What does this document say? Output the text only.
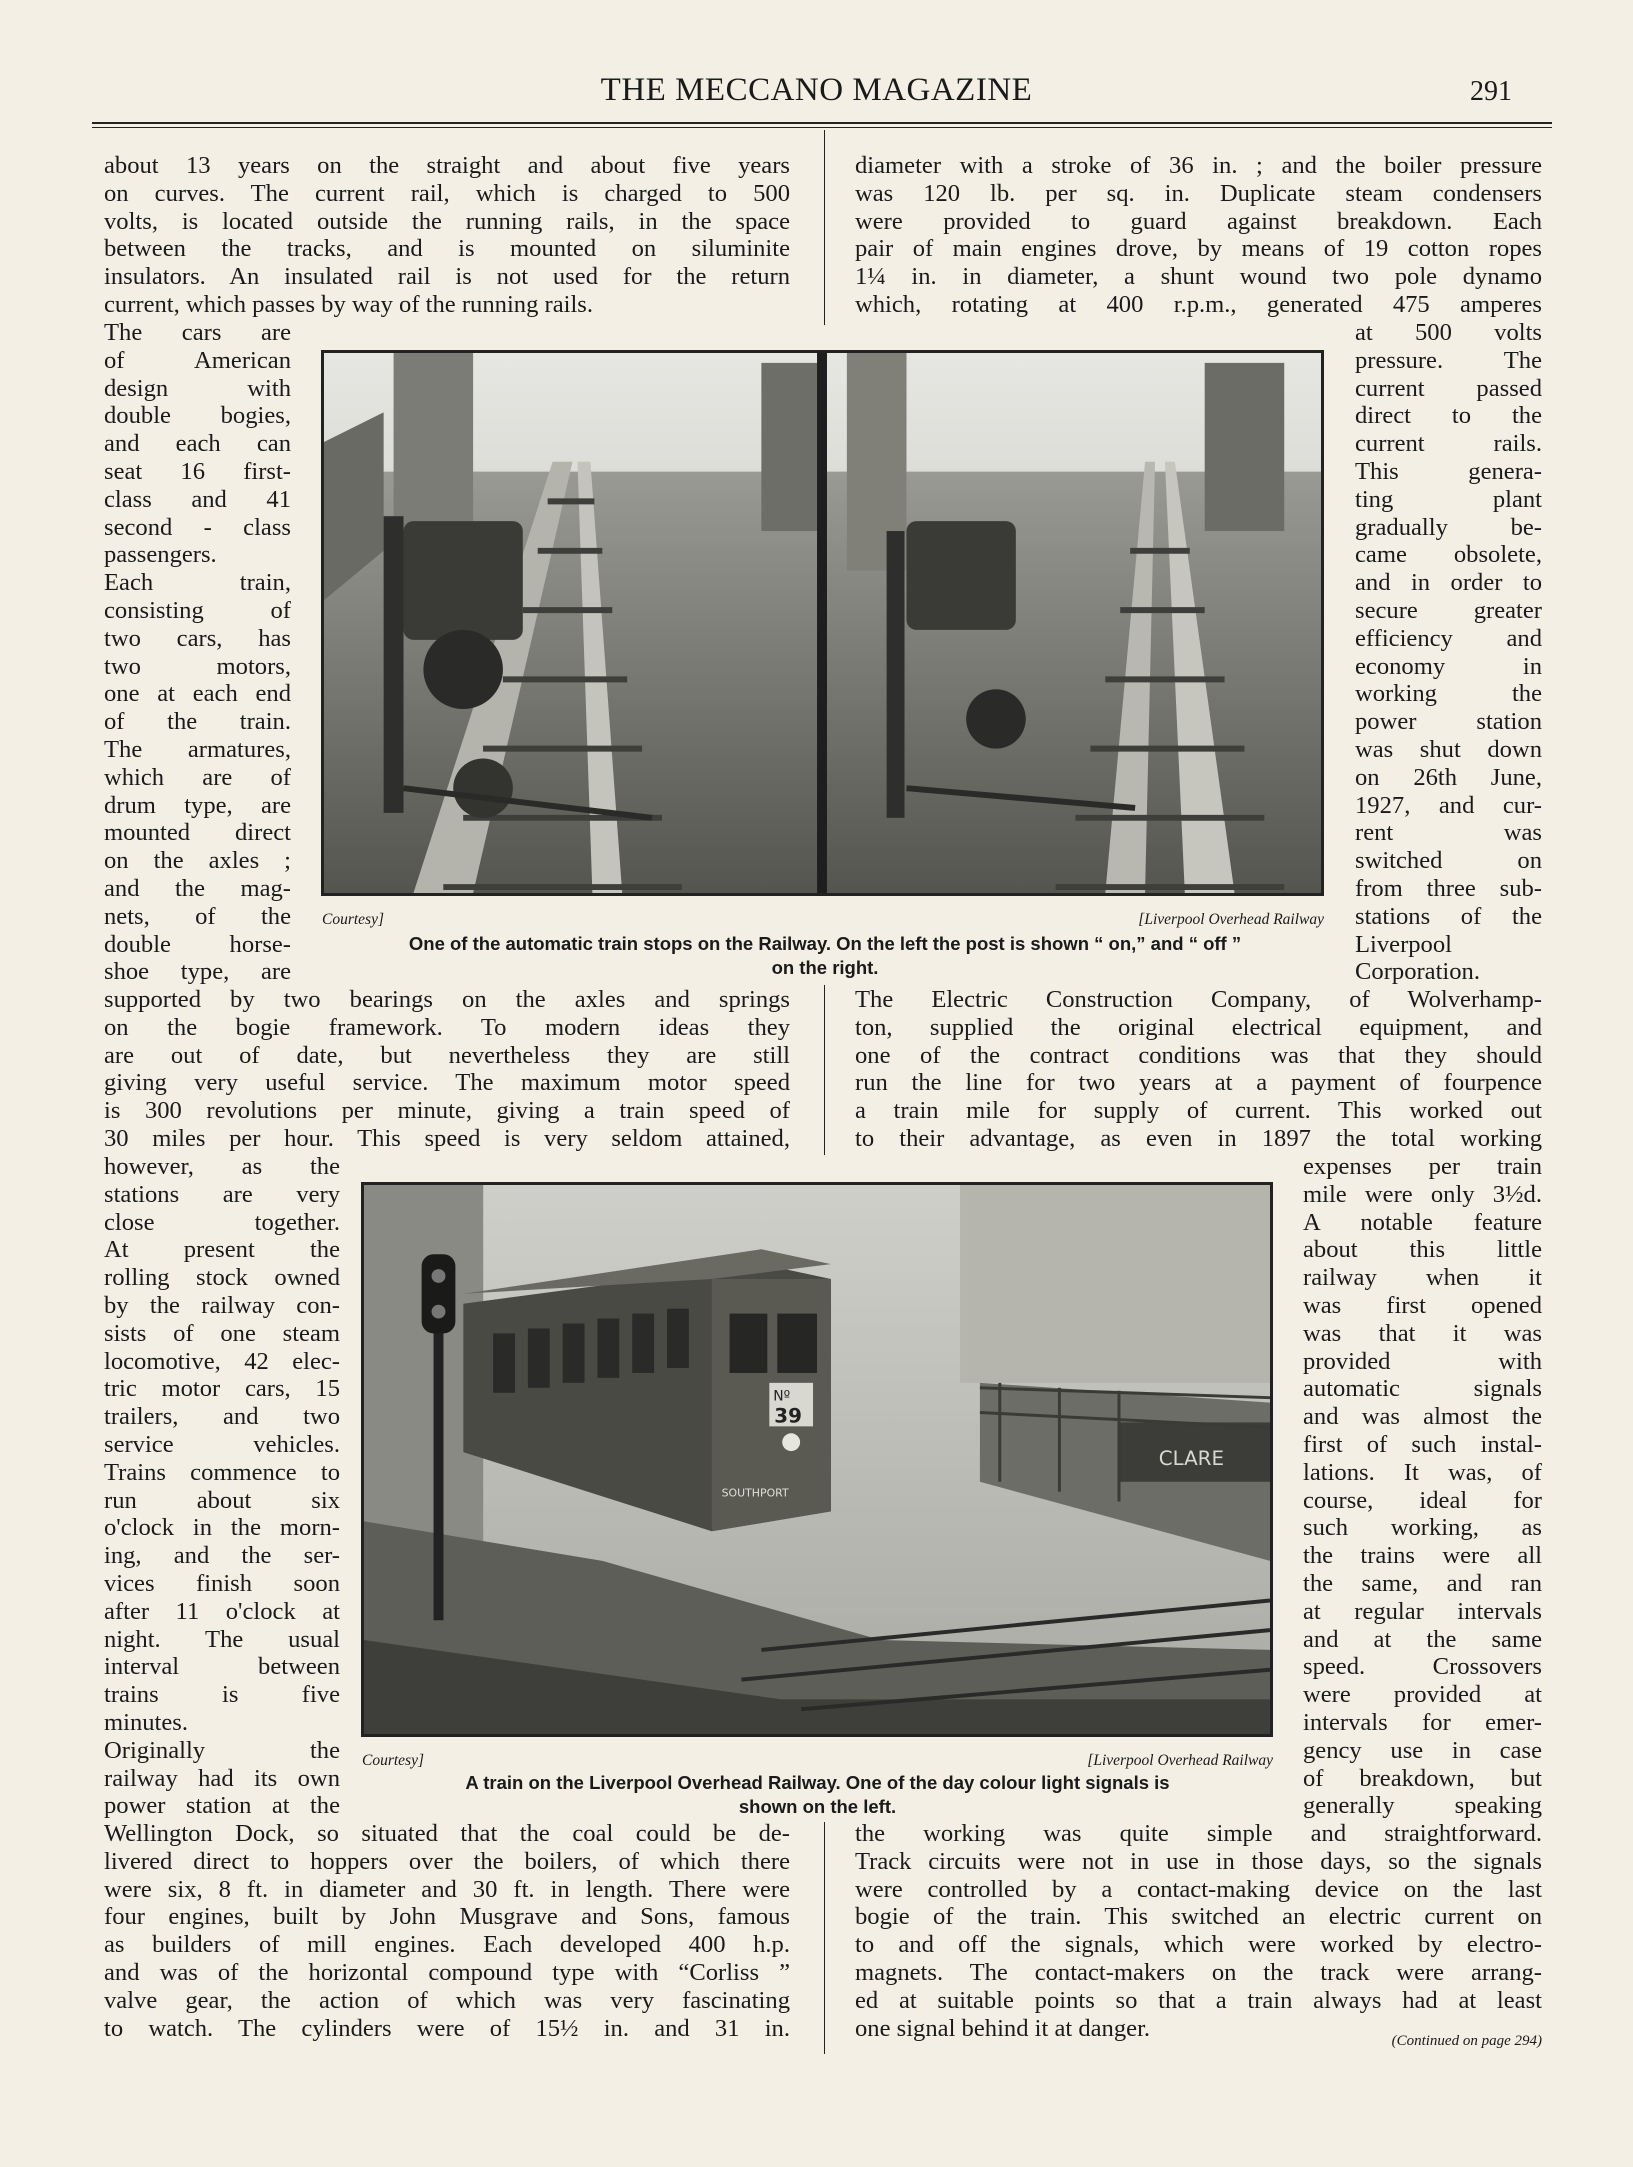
THE MECCANO MAGAZINE	291
about 13 years on the straight and about five years
on curves. The current rail, which is charged to 500
volts, is located outside the running rails, in the space
between the tracks, and is mounted on siluminite
insulators. An insulated rail is not used for the return
current, which passes by way of the running rails.
diameter with a stroke of 36 in. ; and the boiler pressure
was 120 lb. per sq. in. Duplicate steam condensers
were provided to guard against breakdown. Each
pair of main engines drove, by means of 19 cotton ropes
1¼ in. in diameter, a shunt wound two pole dynamo
which, rotating at 400 r.p.m., generated 475 amperes
The cars are
of American
design with
double bogies,
and each can
seat 16 first-
class and 41
second - class
passengers.
Each train,
consisting of
two cars, has
two motors,
one at each end
of the train.
The armatures,
which are of
drum type, are
mounted direct
on the axles ;
and the mag-
nets, of the
double horse-
shoe type, are
at 500 volts
pressure. The
current passed
direct to the
current rails.
This genera-
ting plant
gradually be-
came obsolete,
and in order to
secure greater
efficiency and
economy in
working the
power station
was shut down
on 26th June,
1927, and cur-
rent was
switched on
from three sub-
stations of the
Liverpool
Corporation.
Courtesy]	[Liverpool Overhead Railway
One of the automatic train stops on the Railway. On the left the post is shown “ on,” and “ off ”
on the right.
supported by two bearings on the axles and springs
on the bogie framework. To modern ideas they
are out of date, but nevertheless they are still
giving very useful service. The maximum motor speed
is 300 revolutions per minute, giving a train speed of
30 miles per hour. This speed is very seldom attained,
The Electric Construction Company, of Wolverhamp-
ton, supplied the original electrical equipment, and
one of the contract conditions was that they should
run the line for two years at a payment of fourpence
a train mile for supply of current. This worked out
to their advantage, as even in 1897 the total working
however, as the
stations are very
close together.
At present the
rolling stock owned
by the railway con-
sists of one steam
locomotive, 42 elec-
tric motor cars, 15
trailers, and two
service vehicles.
Trains commence to
run about six
o'clock in the morn-
ing, and the ser-
vices finish soon
after 11 o'clock at
night. The usual
interval between
trains is five
minutes.
Originally the
railway had its own
power station at the
expenses per train
mile were only 3½d.
A notable feature
about this little
railway when it
was first opened
was that it was
provided with
automatic signals
and was almost the
first of such instal-
lations. It was, of
course, ideal for
such working, as
the trains were all
the same, and ran
at regular intervals
and at the same
speed. Crossovers
were provided at
intervals for emer-
gency use in case
of breakdown, but
generally speaking
CLARE
Nº
39
SOUTHPORT
Courtesy]	[Liverpool Overhead Railway
A train on the Liverpool Overhead Railway. One of the day colour light signals is
shown on the left.
Wellington Dock, so situated that the coal could be de-
livered direct to hoppers over the boilers, of which there
were six, 8 ft. in diameter and 30 ft. in length. There were
four engines, built by John Musgrave and Sons, famous
as builders of mill engines. Each developed 400 h.p.
and was of the horizontal compound type with “Corliss ”
valve gear, the action of which was very fascinating
to watch. The cylinders were of 15½ in. and 31 in.
the working was quite simple and straightforward.
Track circuits were not in use in those days, so the signals
were controlled by a contact-making device on the last
bogie of the train. This switched an electric current on
to and off the signals, which were worked by electro-
magnets. The contact-makers on the track were arrang-
ed at suitable points so that a train always had at least
one signal behind it at danger.	(Continued on page 294)
